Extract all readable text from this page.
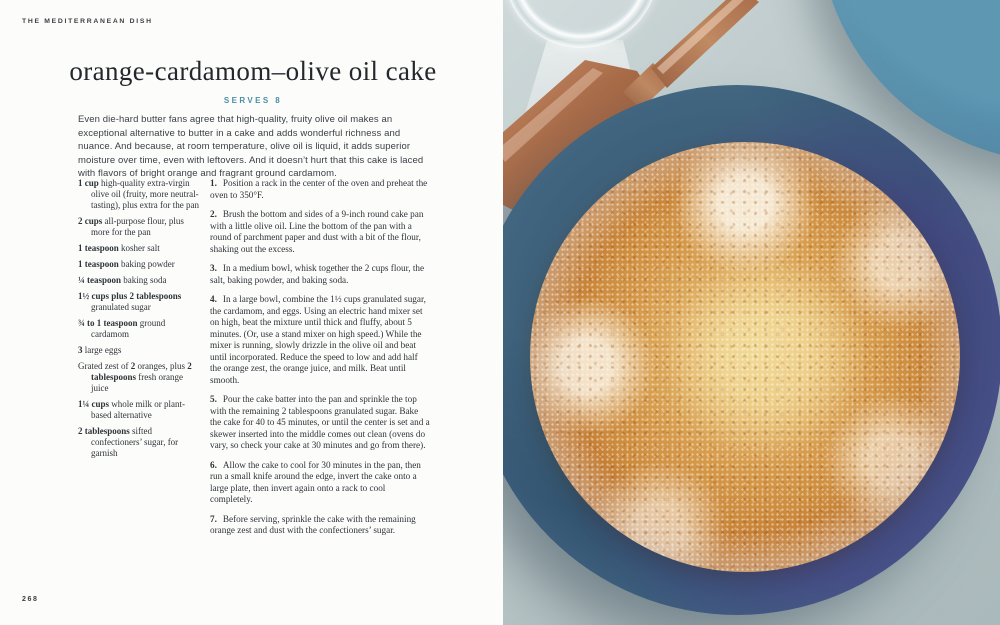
THE MEDITERRANEAN DISH
orange-cardamom–olive oil cake
SERVES 8

Even die-hard butter fans agree that high-quality, fruity olive oil makes an exceptional alternative to butter in a cake and adds wonderful richness and nuance. And because, at room temperature, olive oil is liquid, it adds superior moisture over time, even with leftovers. And it doesn’t hurt that this cake is laced with flavors of bright orange and fragrant ground cardamom.

1 cup high-quality extra-virgin olive oil (fruity, more neutral-tasting), plus extra for the pan
2 cups all-purpose flour, plus more for the pan
1 teaspoon kosher salt
1 teaspoon baking powder
¼ teaspoon baking soda
1½ cups plus 2 tablespoons granulated sugar
¾ to 1 teaspoon ground cardamom
3 large eggs
Grated zest of 2 oranges, plus 2 tablespoons fresh orange juice
1¼ cups whole milk or plant-based alternative
2 tablespoons sifted confectioners’ sugar, for garnish
1. Position a rack in the center of the oven and preheat the oven to 350°F.
2. Brush the bottom and sides of a 9-inch round cake pan with a little olive oil. Line the bottom of the pan with a round of parchment paper and dust with a bit of the flour, shaking out the excess.
3. In a medium bowl, whisk together the 2 cups flour, the salt, baking powder, and baking soda.
4. In a large bowl, combine the 1½ cups granulated sugar, the cardamom, and eggs. Using an electric hand mixer set on high, beat the mixture until thick and fluffy, about 5 minutes. (Or, use a stand mixer on high speed.) While the mixer is running, slowly drizzle in the olive oil and beat until incorporated. Reduce the speed to low and add half the orange zest, the orange juice, and milk. Beat until smooth.
5. Pour the cake batter into the pan and sprinkle the top with the remaining 2 tablespoons granulated sugar. Bake the cake for 40 to 45 minutes, or until the center is set and a skewer inserted into the middle comes out clean (ovens do vary, so check your cake at 30 minutes and go from there).
6. Allow the cake to cool for 30 minutes in the pan, then run a small knife around the edge, invert the cake onto a large plate, then invert again onto a rack to cool completely.
7. Before serving, sprinkle the cake with the remaining orange zest and dust with the confectioners’ sugar.
268
